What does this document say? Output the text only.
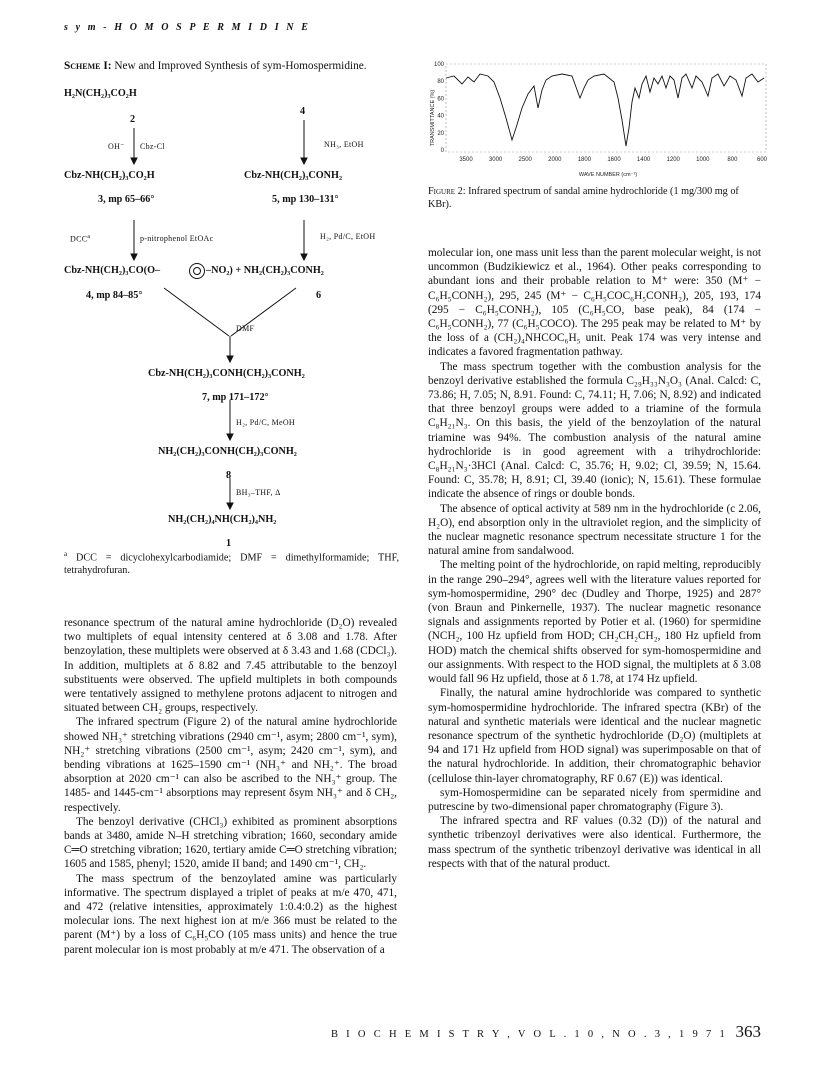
s y m - H O M O S P E R M I D I N E
Scheme I: New and Improved Synthesis of sym-Homospermidine.
H₂N(CH₂)₃CO₂H
2
4
OH⁻ Cbz-Cl	NH₃, EtOH
Cbz-NH(CH₂)₃CO₂H	Cbz-NH(CH₂)₃CONH₂
3, mp 65–66°	5, mp 130–131°
DCC$^a$	p-nitrophenol EtOAc	H₂, Pd/C, EtOH
Cbz-NH(CH₂)₃CO(O–	–NO₂) + NH₂(CH₂)₃CONH₂
4, mp 84–85°	6
DMF
Cbz-NH(CH₂)₃CONH(CH₂)₃CONH₂
7, mp 171–172°
H₂, Pd/C, MeOH
NH₂(CH₂)₃CONH(CH₂)₃CONH₂
8
BH₃–THF, Δ
NH₂(CH₂)₄NH(CH₂)₄NH₂
1
$^a$ DCC = dicyclohexylcarbodiamide; DMF = dimethylformamide; THF, tetrahydrofuran.
100
80
60
40
20
0
3500	3000	2500	2000	1800	1600	1400	1200	1000	800	600
TRANSMITTANCE (%)
WAVE NUMBER (cm⁻¹)
Figure 2: Infrared spectrum of sandal amine hydrochloride (1 mg/300 mg of KBr).

resonance spectrum of the natural amine hydrochloride (D₂O) revealed two multiplets of equal intensity centered at δ 3.08 and 1.78. After benzoylation, these multiplets were observed at δ 3.43 and 1.68 (CDCl₃). In addition, multiplets at δ 8.82 and 7.45 attributable to the benzoyl substituents were observed. The upfield multiplets in both compounds were tentatively assigned to methylene protons adjacent to nitrogen and situated between CH₂ groups, respectively.

The infrared spectrum (Figure 2) of the natural amine hydrochloride showed NH₃⁺ stretching vibrations (2940 cm⁻¹, asym; 2800 cm⁻¹, sym), NH₂⁺ stretching vibrations (2500 cm⁻¹, asym; 2420 cm⁻¹, sym), and bending vibrations at 1625–1590 cm⁻¹ (NH₃⁺ and NH₂⁺. The broad absorption at 2020 cm⁻¹ can also be ascribed to the NH₃⁺ group. The 1485- and 1445-cm⁻¹ absorptions may represent δsym NH₃⁺ and δ CH₂, respectively.

The benzoyl derivative (CHCl₃) exhibited as prominent absorptions bands at 3480, amide N–H stretching vibration; 1660, secondary amide C═O stretching vibration; 1620, tertiary amide C═O stretching vibration; 1605 and 1585, phenyl; 1520, amide II band; and 1490 cm⁻¹, CH₂.

The mass spectrum of the benzoylated amine was particularly informative. The spectrum displayed a triplet of peaks at m/e 470, 471, and 472 (relative intensities, approximately 1:0.4:0.2) as the highest molecular ions. The next highest ion at m/e 366 must be related to the parent (M⁺) by a loss of C₆H₅CO (105 mass units) and hence the true parent molecular ion is most probably at m/e 471. The observation of a

molecular ion, one mass unit less than the parent molecular weight, is not uncommon (Budzikiewicz et al., 1964). Other peaks corresponding to abundant ions and their probable relation to M⁺ were: 350 (M⁺ − C₆H₅CONH₂), 295, 245 (M⁺ − C₆H₅COC₆H₅CONH₂), 205, 193, 174 (295 − C₆H₅CONH₂), 105 (C₆H₅CO, base peak), 84 (174 − C₆H₅CONH₂), 77 (C₆H₅COCO). The 295 peak may be related to M⁺ by the loss of a (CH₂)₄NHCOC₆H₅ unit. Peak 174 was very intense and indicates a favored fragmentation pathway.

The mass spectrum together with the combustion analysis for the benzoyl derivative established the formula C₂₉H₃₃N₃O₃ (Anal. Calcd: C, 73.86; H, 7.05; N, 8.91. Found: C, 74.11; H, 7.06; N, 8.92) and indicated that three benzoyl groups were added to a triamine of the formula C₈H₂₁N₃. On this basis, the yield of the benzoylation of the natural triamine was 94%. The combustion analysis of the natural amine hydrochloride is in good agreement with a trihydrochloride: C₈H₂₁N₃·3HCl (Anal. Calcd: C, 35.76; H, 9.02; Cl, 39.59; N, 15.64. Found: C, 35.78; H, 8.91; Cl, 39.40 (ionic); N, 15.61). These formulae indicate the absence of rings or double bonds.

The absence of optical activity at 589 nm in the hydrochloride (c 2.06, H₂O), end absorption only in the ultraviolet region, and the simplicity of the nuclear magnetic resonance spectrum necessitate structure 1 for the natural amine from sandalwood.

The melting point of the hydrochloride, on rapid melting, reproducibly in the range 290–294°, agrees well with the literature values reported for sym-homospermidine, 290° dec (Dudley and Thorpe, 1925) and 287° (von Braun and Pinkernelle, 1937). The nuclear magnetic resonance signals and assignments reported by Potier et al. (1960) for spermidine (NCH₂, 100 Hz upfield from HOD; CH₂CH₂CH₂, 180 Hz upfield from HOD) match the chemical shifts observed for sym-homospermidine and our assignments. With respect to the HOD signal, the multiplets at δ 3.08 would fall 96 Hz upfield, those at δ 1.78, at 174 Hz upfield.

Finally, the natural amine hydrochloride was compared to synthetic sym-homospermidine hydrochloride. The infrared spectra (KBr) of the natural and synthetic materials were identical and the nuclear magnetic resonance spectrum of the synthetic hydrochloride (D₂O) (multiplets at 94 and 171 Hz upfield from HOD signal) was superimposable on that of the natural hydrochloride. In addition, their chromatographic behavior (cellulose thin-layer chromatography, RF 0.67 (E)) was identical.

sym-Homospermidine can be separated nicely from spermidine and putrescine by two-dimensional paper chromatography (Figure 3).

The infrared spectra and RF values (0.32 (D)) of the natural and synthetic tribenzoyl derivatives were also identical. Furthermore, the mass spectrum of the synthetic tribenzoyl derivative was identical in all respects with that of the natural product.

B I O C H E M I S T R Y , V O L . 1 0 , N O . 3 , 1 9 7 1 363
